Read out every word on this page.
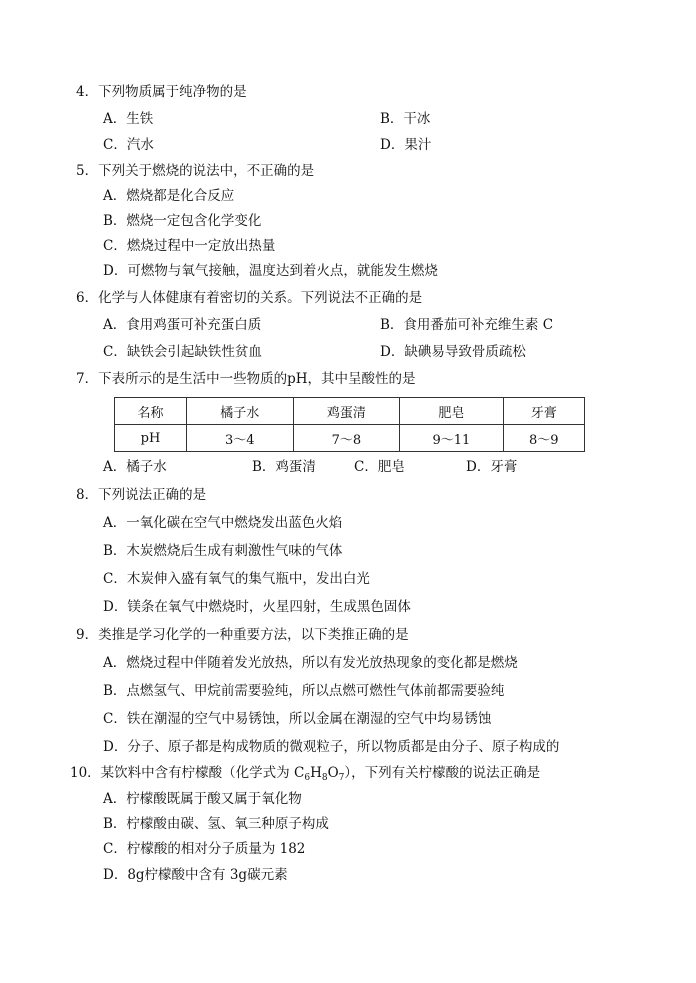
4．下列物质属于纯净物的是
A．生铁	B．干冰
C．汽水	D．果汁
5．下列关于燃烧的说法中，不正确的是
A．燃烧都是化合反应
B．燃烧一定包含化学变化
C．燃烧过程中一定放出热量
D．可燃物与氧气接触，温度达到着火点，就能发生燃烧
6．化学与人体健康有着密切的关系。下列说法不正确的是
A．食用鸡蛋可补充蛋白质	B．食用番茄可补充维生素 C
C．缺铁会引起缺铁性贫血	D．缺碘易导致骨质疏松
7．下表所示的是生活中一些物质的pH，其中呈酸性的是
名称	橘子水	鸡蛋清	肥皂	牙膏
pH	3～4	7～8	9～11	8～9
A．橘子水	B．鸡蛋清	C．肥皂	D．牙膏
8．下列说法正确的是
A．一氧化碳在空气中燃烧发出蓝色火焰
B．木炭燃烧后生成有刺激性气味的气体
C．木炭伸入盛有氧气的集气瓶中，发出白光
D．镁条在氧气中燃烧时，火星四射，生成黑色固体
9．类推是学习化学的一种重要方法，以下类推正确的是
A．燃烧过程中伴随着发光放热，所以有发光放热现象的变化都是燃烧
B．点燃氢气、甲烷前需要验纯，所以点燃可燃性气体前都需要验纯
C．铁在潮湿的空气中易锈蚀，所以金属在潮湿的空气中均易锈蚀
D．分子、原子都是构成物质的微观粒子，所以物质都是由分子、原子构成的
10．某饮料中含有柠檬酸（化学式为 $C_6H_8O_7$），下列有关柠檬酸的说法正确是
A．柠檬酸既属于酸又属于氧化物
B．柠檬酸由碳、氢、氧三种原子构成
C．柠檬酸的相对分子质量为 182
D．8g柠檬酸中含有 3g碳元素
